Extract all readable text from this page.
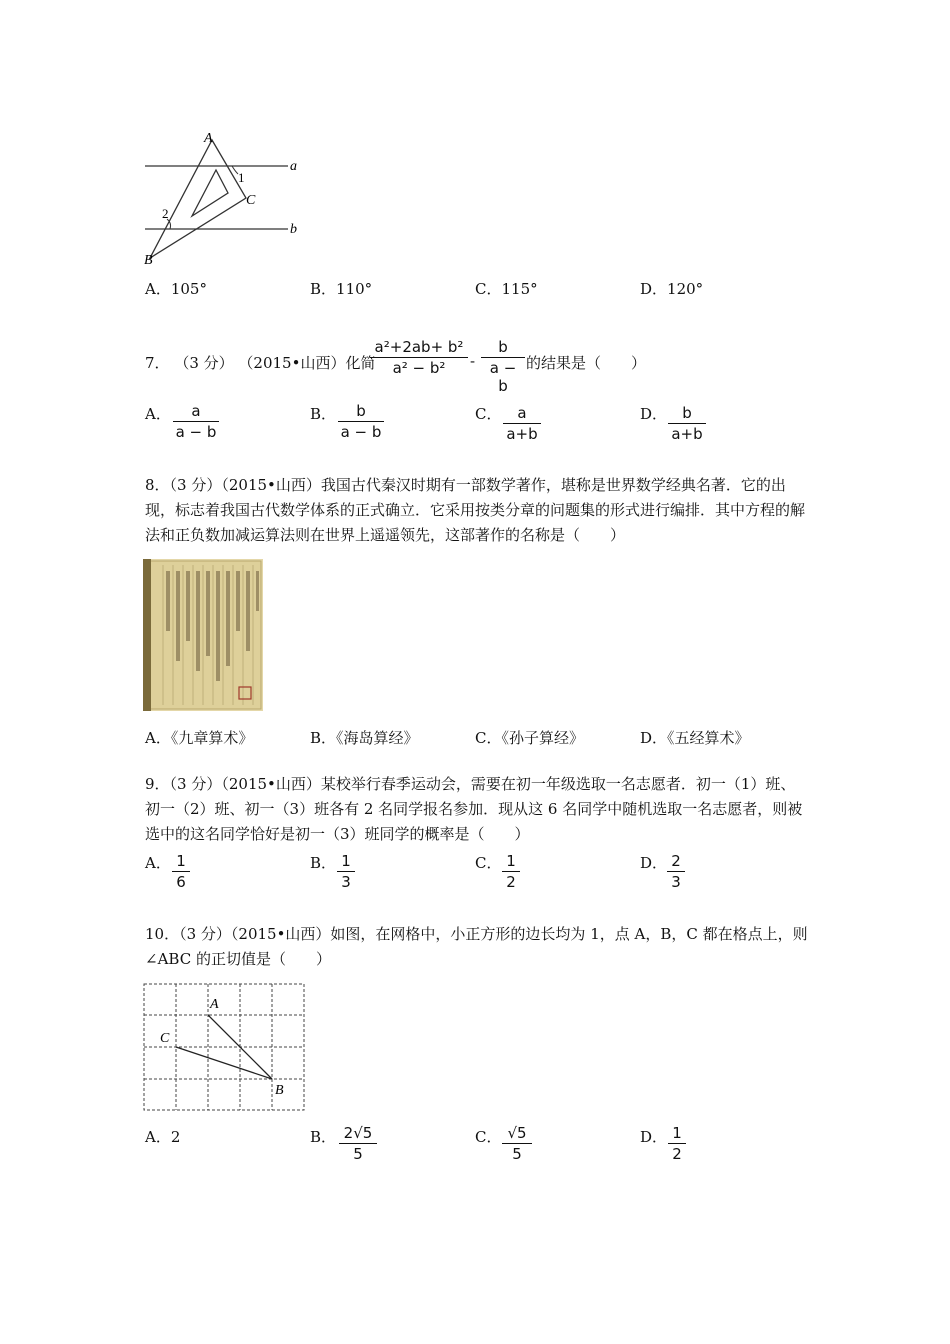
A
1
C
2
B
a
b
A．105°	B．110°	C．115°	D．120°
7． （3 分） （2015•山西）化简
a²+2ab+ b²
a² − b²	-
b
a − b
的结果是（　　）
A．	a
a − b
B．	b
a − b
C．	a
a+b
D．	b
a+b
8．（3 分）（2015•山西）我国古代秦汉时期有一部数学著作，堪称是世界数学经典名著．它的出现，标志着我国古代数学体系的正式确立．它采用按类分章的问题集的形式进行编排．其中方程的解法和正负数加减运算法则在世界上遥遥领先，这部著作的名称是（　　）
A．《九章算术》	B．《海岛算经》	C．《孙子算经》	D．《五经算术》
9．（3 分）（2015•山西）某校举行春季运动会，需要在初一年级选取一名志愿者．初一（1）班、初一（2）班、初一（3）班各有 2 名同学报名参加．现从这 6 名同学中随机选取一名志愿者，则被选中的这名同学恰好是初一（3）班同学的概率是（　　）
A． 1
6
B． 1
3
C． 1
2
D． 2
3
10．（3 分）（2015•山西）如图，在网格中，小正方形的边长均为 1，点 A，B，C 都在格点上，则∠ABC 的正切值是（　　）
A
C
B
A．2	B． 2√5
5
C． √5
5
D． 1
2
